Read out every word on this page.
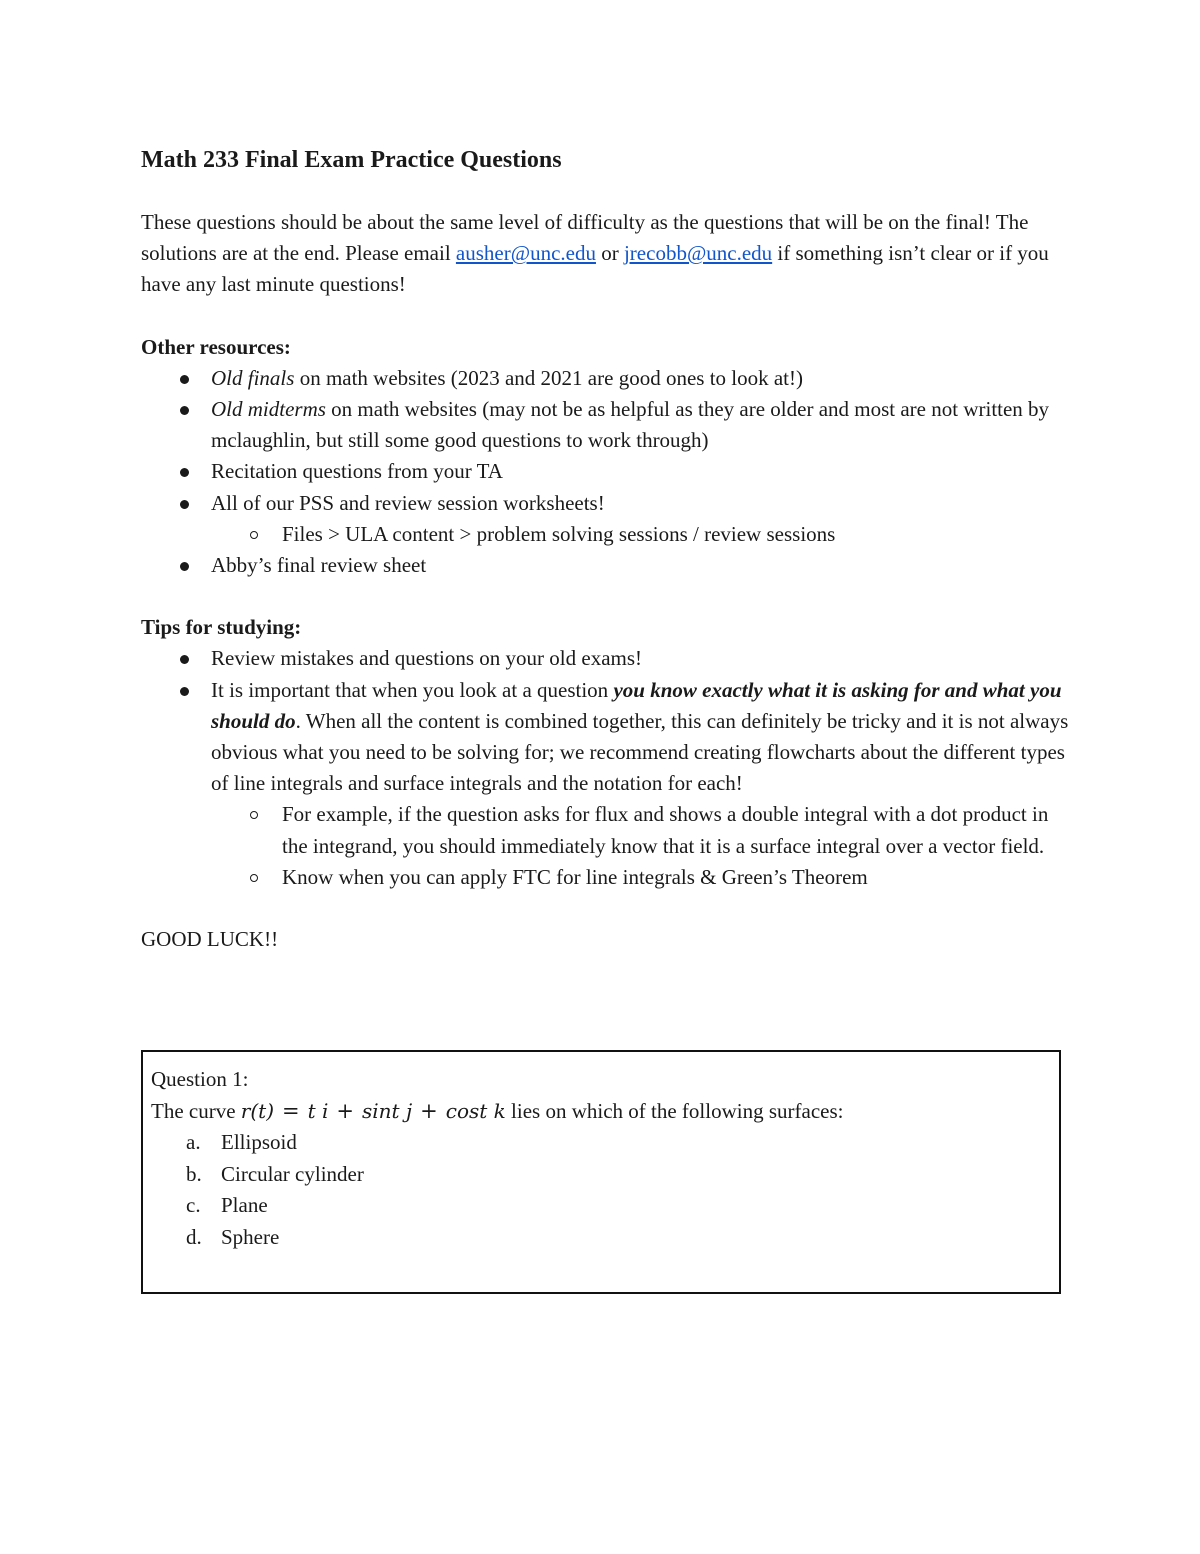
Math 233 Final Exam Practice Questions

These questions should be about the same level of difficulty as the questions that will be on the final! The solutions are at the end. Please email ausher@unc.edu or jrecobb@unc.edu if something isn’t clear or if you have any last minute questions!

Other resources:

Old finals on math websites (2023 and 2021 are good ones to look at!)
Old midterms on math websites (may not be as helpful as they are older and most are not written by mclaughlin, but still some good questions to work through)
Recitation questions from your TA
All of our PSS and review session worksheets!
Files > ULA content > problem solving sessions / review sessions
Abby’s final review sheet

Tips for studying:

Review mistakes and questions on your old exams!
It is important that when you look at a question you know exactly what it is asking for and what you should do. When all the content is combined together, this can definitely be tricky and it is not always obvious what you need to be solving for; we recommend creating flowcharts about the different types of line integrals and surface integrals and the notation for each!
For example, if the question asks for flux and shows a double integral with a dot product in the integrand, you should immediately know that it is a surface integral over a vector field.
Know when you can apply FTC for line integrals & Green’s Theorem

GOOD LUCK!!

Question 1:

The curve r(t) = t i + sint j + cost k lies on which of the following surfaces:

a. Ellipsoid
b. Circular cylinder
c. Plane
d. Sphere
